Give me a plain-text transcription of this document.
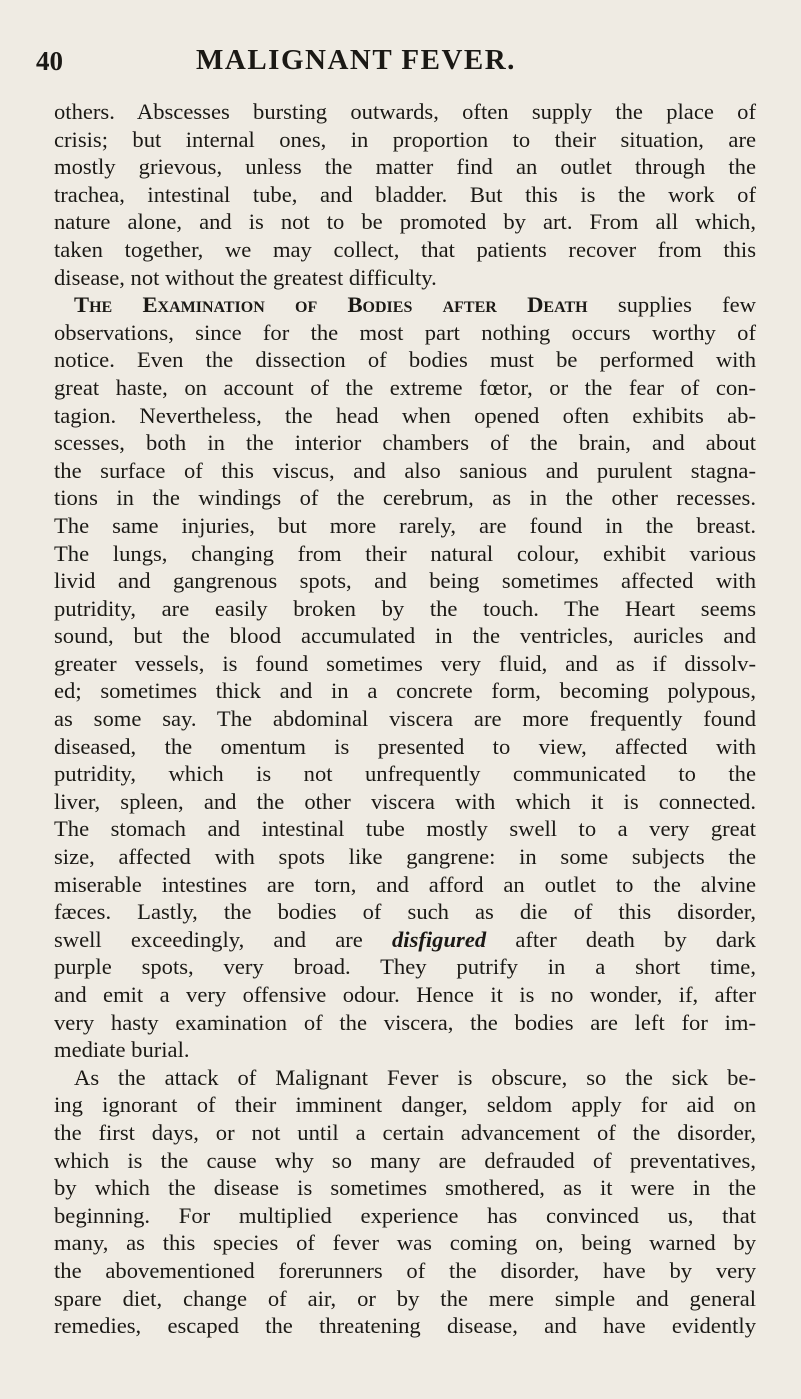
40	MALIGNANT FEVER.
others. Abscesses bursting outwards, often supply the place of
crisis; but internal ones, in proportion to their situation, are
mostly grievous, unless the matter find an outlet through the
trachea, intestinal tube, and bladder. But this is the work of
nature alone, and is not to be promoted by art. From all which,
taken together, we may collect, that patients recover from this
disease, not without the greatest difficulty.
The Examination of Bodies after Death supplies few
observations, since for the most part nothing occurs worthy of
notice. Even the dissection of bodies must be performed with
great haste, on account of the extreme fœtor, or the fear of con-
tagion. Nevertheless, the head when opened often exhibits ab-
scesses, both in the interior chambers of the brain, and about
the surface of this viscus, and also sanious and purulent stagna-
tions in the windings of the cerebrum, as in the other recesses.
The same injuries, but more rarely, are found in the breast.
The lungs, changing from their natural colour, exhibit various
livid and gangrenous spots, and being sometimes affected with
putridity, are easily broken by the touch. The Heart seems
sound, but the blood accumulated in the ventricles, auricles and
greater vessels, is found sometimes very fluid, and as if dissolv-
ed; sometimes thick and in a concrete form, becoming polypous,
as some say. The abdominal viscera are more frequently found
diseased, the omentum is presented to view, affected with
putridity, which is not unfrequently communicated to the
liver, spleen, and the other viscera with which it is connected.
The stomach and intestinal tube mostly swell to a very great
size, affected with spots like gangrene: in some subjects the
miserable intestines are torn, and afford an outlet to the alvine
fæces. Lastly, the bodies of such as die of this disorder,
swell exceedingly, and are disfigured after death by dark
purple spots, very broad. They putrify in a short time,
and emit a very offensive odour. Hence it is no wonder, if, after
very hasty examination of the viscera, the bodies are left for im-
mediate burial.
As the attack of Malignant Fever is obscure, so the sick be-
ing ignorant of their imminent danger, seldom apply for aid on
the first days, or not until a certain advancement of the disorder,
which is the cause why so many are defrauded of preventatives,
by which the disease is sometimes smothered, as it were in the
beginning. For multiplied experience has convinced us, that
many, as this species of fever was coming on, being warned by
the abovementioned forerunners of the disorder, have by very
spare diet, change of air, or by the mere simple and general
remedies, escaped the threatening disease, and have evidently
